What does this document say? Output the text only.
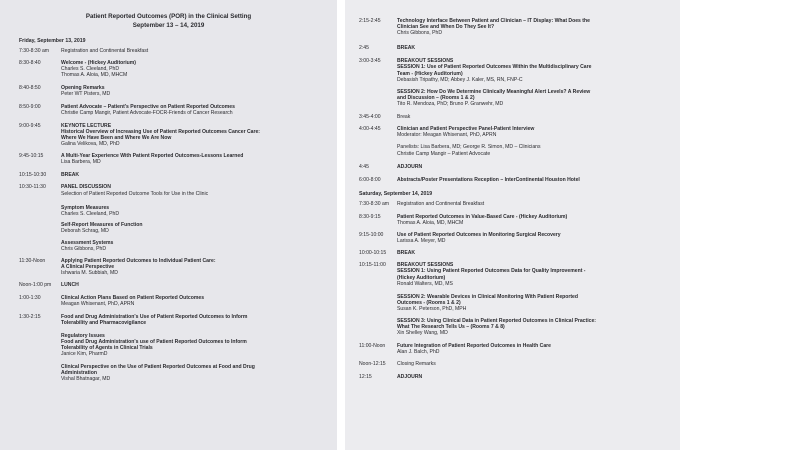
Patient Reported Outcomes (POR) in the Clinical Setting
September 13 – 14, 2019
Friday, September 13, 2019
7:30-8:30 am	Registration and Continental Breakfast
8:30-8:40	Welcome - (Hickey Auditorium)
Charles S. Cleeland, PhD
Thomas A. Aloia, MD, MHCM
8:40-8:50	Opening Remarks
Peter WT Pisters, MD
8:50-9:00	Patient Advocate – Patient's Perspective on Patient Reported Outcomes
Christie Camp Mangir, Patient Advocate-FOCR-Friends of Cancer Research
9:00-9:45	KEYNOTE LECTURE
Historical Overview of Increasing Use of Patient Reported Outcomes Cancer Care:
Where We Have Been and Where We Are Now
Galina Velikova, MD, PhD
9:45-10:15	A Multi-Year Experience With Patient Reported Outcomes-Lessons Learned
Lisa Barbera, MD
10:15-10:30	BREAK
10:30-11:30	PANEL DISCUSSION
Selection of Patient Reported Outcome Tools for Use in the Clinic
Symptom Measures
Charles S. Cleeland, PhD
Self-Report Measures of Function
Deborah Schrag, MD
Assessment Systems
Chris Gibbons, PhD
11:30-Noon	Applying Patient Reported Outcomes to Individual Patient Care:
A Clinical Perspective
Ishwaria M. Subbiah, MD
Noon-1:00 pm	LUNCH
1:00-1:30	Clinical Action Plans Based on Patient Reported Outcomes
Meagan Whisenant, PhD, APRN
1:30-2:15	Food and Drug Administration's Use of Patient Reported Outcomes to Inform
Tolerability and Pharmacovigilance
Regulatory Issues
Food and Drug Administration's use of Patient Reported Outcomes to Inform
Tolerability of Agents in Clinical Trials
Janice Kim, PharmD
Clinical Perspective on the Use of Patient Reported Outcomes at Food and Drug
Administration
Vishal Bhatnagar, MD
2:15-2:45	Technology Interface Between Patient and Clinician – IT Display: What Does the
Clinician See and When Do They See It?
Chris Gibbons, PhD
2:45	BREAK
3:00-3:45	BREAKOUT SESSIONS
SESSION 1: Use of Patient Reported Outcomes Within the Multidisciplinary Care
Team - (Hickey Auditorium)
Debasish Tripathy, MD; Abbey J. Kaler, MS, RN, FNP-C
SESSION 2: How Do We Determine Clinically Meaningful Alert Levels? A Review
and Discussion – (Rooms 1 & 2)
Tito R. Mendoza, PhD; Bruno P. Granwehr, MD
3:45-4:00	Break
4:00-4:45	Clinician and Patient Perspective Panel-Patient Interview
Moderator: Meagan Whisenant, PhD, APRN

Panelists: Lisa Barbera, MD; George R. Simon, MD – Clinicians
Christie Camp Mangir – Patient Advocate
4:45	ADJOURN
6:00-8:00	Abstracts/Poster Presentations Reception – InterContinental Houston Hotel
Saturday, September 14, 2019
7:30-8:30 am	Registration and Continental Breakfast
8:30-9:15	Patient Reported Outcomes in Value-Based Care - (Hickey Auditorium)
Thomas A. Aloia, MD, MHCM
9:15-10:00	Use of Patient Reported Outcomes in Monitoring Surgical Recovery
Larissa A. Meyer, MD
10:00-10:15	BREAK
10:15-11:00	BREAKOUT SESSIONS
SESSION 1: Using Patient Reported Outcomes Data for Quality Improvement -
(Hickey Auditorium)
Ronald Walters, MD, MS
SESSION 2: Wearable Devices in Clinical Monitoring With Patient Reported
Outcomes - (Rooms 1 & 2)
Susan K. Peterson, PhD, MPH
SESSION 3: Using Clinical Data in Patient Reported Outcomes in Clinical Practice:
What The Research Tells Us – (Rooms 7 & 8)
Xin Shelley Wang, MD
11:00-Noon	Future Integration of Patient Reported Outcomes in Health Care
Alan J. Balch, PhD
Noon-12:15	Closing Remarks
12:15	ADJOURN
